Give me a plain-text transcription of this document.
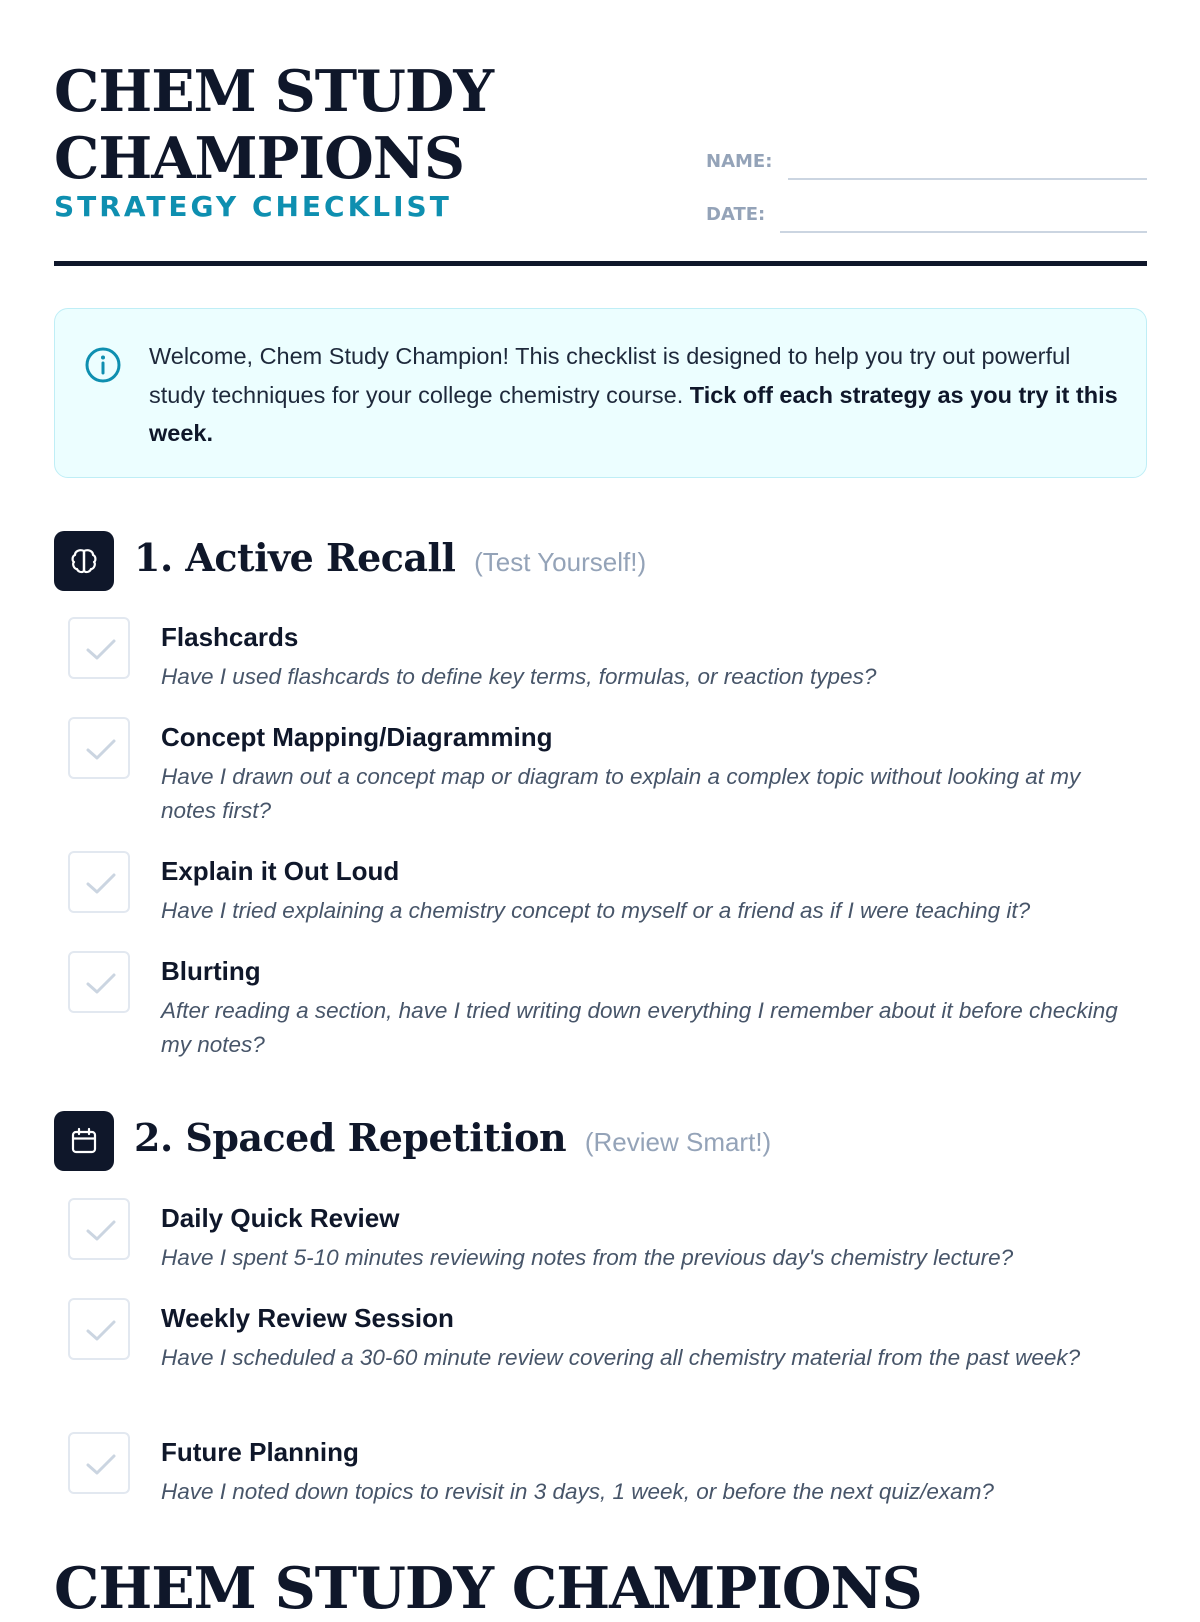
CHEM STUDY CHAMPIONS
STRATEGY CHECKLIST
NAME:
DATE:
Welcome, Chem Study Champion! This checklist is designed to help you try out powerful study techniques for your college chemistry course. Tick off each strategy as you try it this week.
1. Active Recall (Test Yourself!)
Flashcards
Have I used flashcards to define key terms, formulas, or reaction types?
Concept Mapping/Diagramming
Have I drawn out a concept map or diagram to explain a complex topic without looking at my notes first?
Explain it Out Loud
Have I tried explaining a chemistry concept to myself or a friend as if I were teaching it?
Blurting
After reading a section, have I tried writing down everything I remember about it before checking my notes?
2. Spaced Repetition (Review Smart!)
Daily Quick Review
Have I spent 5-10 minutes reviewing notes from the previous day's chemistry lecture?
Weekly Review Session
Have I scheduled a 30-60 minute review covering all chemistry material from the past week?
Future Planning
Have I noted down topics to revisit in 3 days, 1 week, or before the next quiz/exam?
CHEM STUDY CHAMPIONS
